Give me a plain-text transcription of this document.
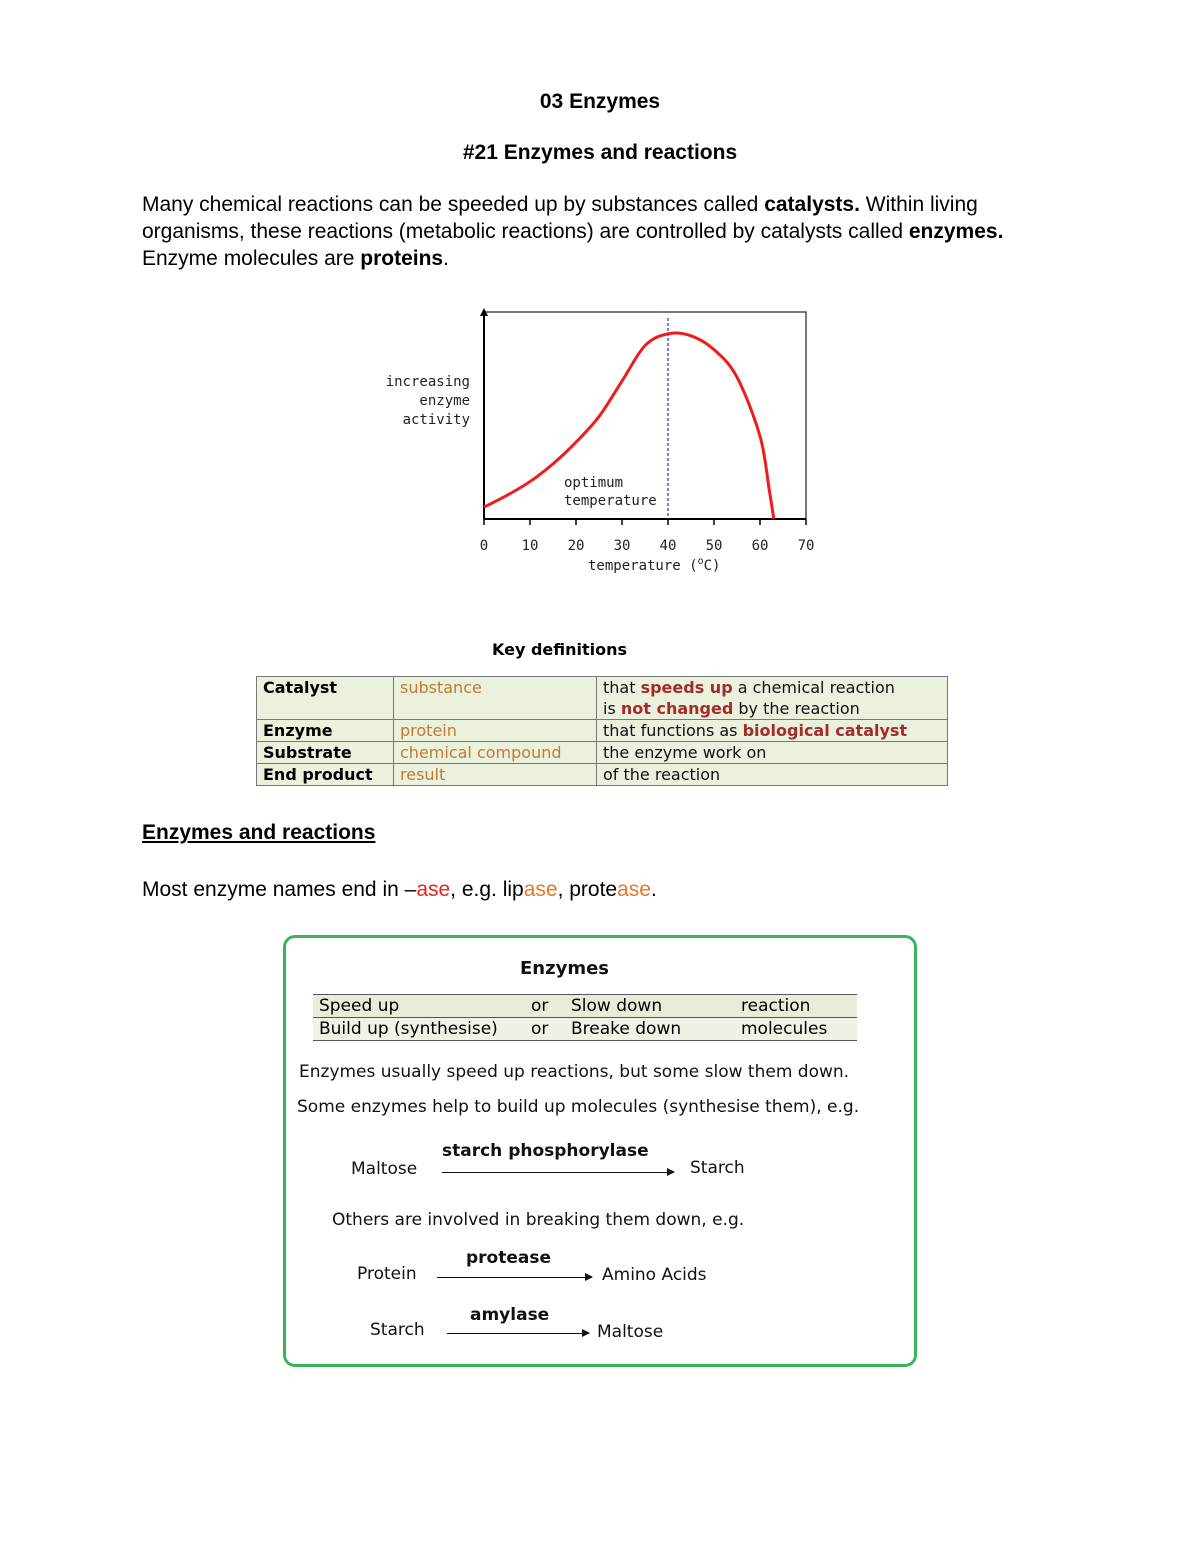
03 Enzymes
#21 Enzymes and reactions
Many chemical reactions can be speeded up by substances called catalysts. Within living organisms, these reactions (metabolic reactions) are controlled by catalysts called enzymes. Enzyme molecules are proteins.
0 10 20 30 40 50 60 70
increasing
enzyme
activity
optimum
temperature
temperature ($^o$C)
Key definitions
Catalyst	substance	that speeds up a chemical reaction
is not changed by the reaction
Enzyme	protein	that functions as biological catalyst
Substrate	chemical compound	the enzyme work on
End product	result	of the reaction
Enzymes and reactions
Most enzyme names end in –ase, e.g. lipase, protease.
Enzymes
Speed up	or	Slow down	reaction
Build up (synthesise)	or	Breake down	molecules
Enzymes usually speed up reactions, but some slow them down.
Some enzymes help to build up molecules (synthesise them), e.g.
Maltose
starch phosphorylase
Starch
Others are involved in breaking them down, e.g.
Protein
protease
Amino Acids
Starch
amylase
Maltose
